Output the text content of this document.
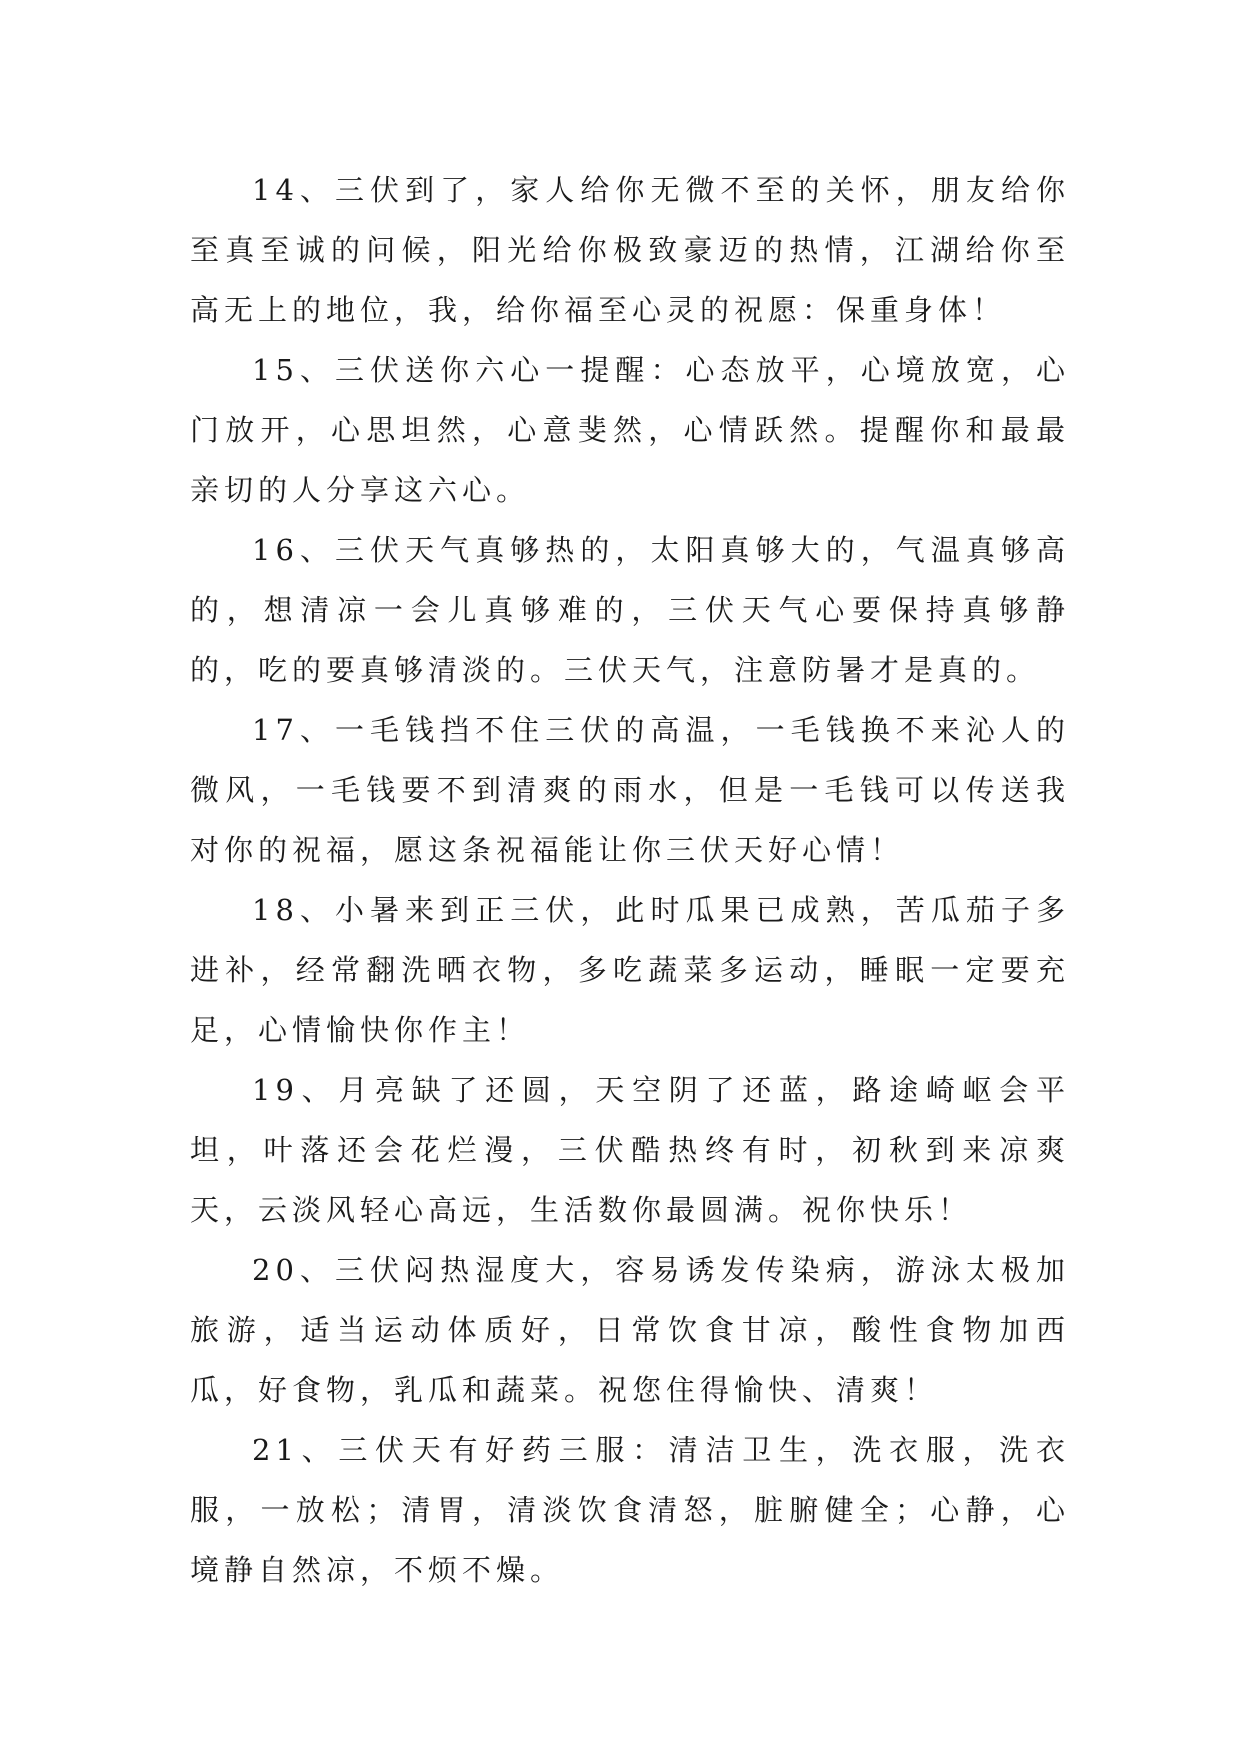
14、三伏到了，家人给你无微不至的关怀，朋友给你至真至诚的问候，阳光给你极致豪迈的热情，江湖给你至高无上的地位，我，给你福至心灵的祝愿：保重身体！

15、三伏送你六心一提醒：心态放平，心境放宽，心门放开，心思坦然，心意斐然，心情跃然。提醒你和最最亲切的人分享这六心。

16、三伏天气真够热的，太阳真够大的，气温真够高的，想清凉一会儿真够难的，三伏天气心要保持真够静的，吃的要真够清淡的。三伏天气，注意防暑才是真的。

17、一毛钱挡不住三伏的高温，一毛钱换不来沁人的微风，一毛钱要不到清爽的雨水，但是一毛钱可以传送我对你的祝福，愿这条祝福能让你三伏天好心情！

18、小暑来到正三伏，此时瓜果已成熟，苦瓜茄子多进补，经常翻洗晒衣物，多吃蔬菜多运动，睡眠一定要充足，心情愉快你作主！

19、月亮缺了还圆，天空阴了还蓝，路途崎岖会平坦，叶落还会花烂漫，三伏酷热终有时，初秋到来凉爽天，云淡风轻心高远，生活数你最圆满。祝你快乐！

20、三伏闷热湿度大，容易诱发传染病，游泳太极加旅游，适当运动体质好，日常饮食甘凉，酸性食物加西瓜，好食物，乳瓜和蔬菜。祝您住得愉快、清爽！

21、三伏天有好药三服：清洁卫生，洗衣服，洗衣服，一放松；清胃，清淡饮食清怒，脏腑健全；心静，心境静自然凉，不烦不燥。
